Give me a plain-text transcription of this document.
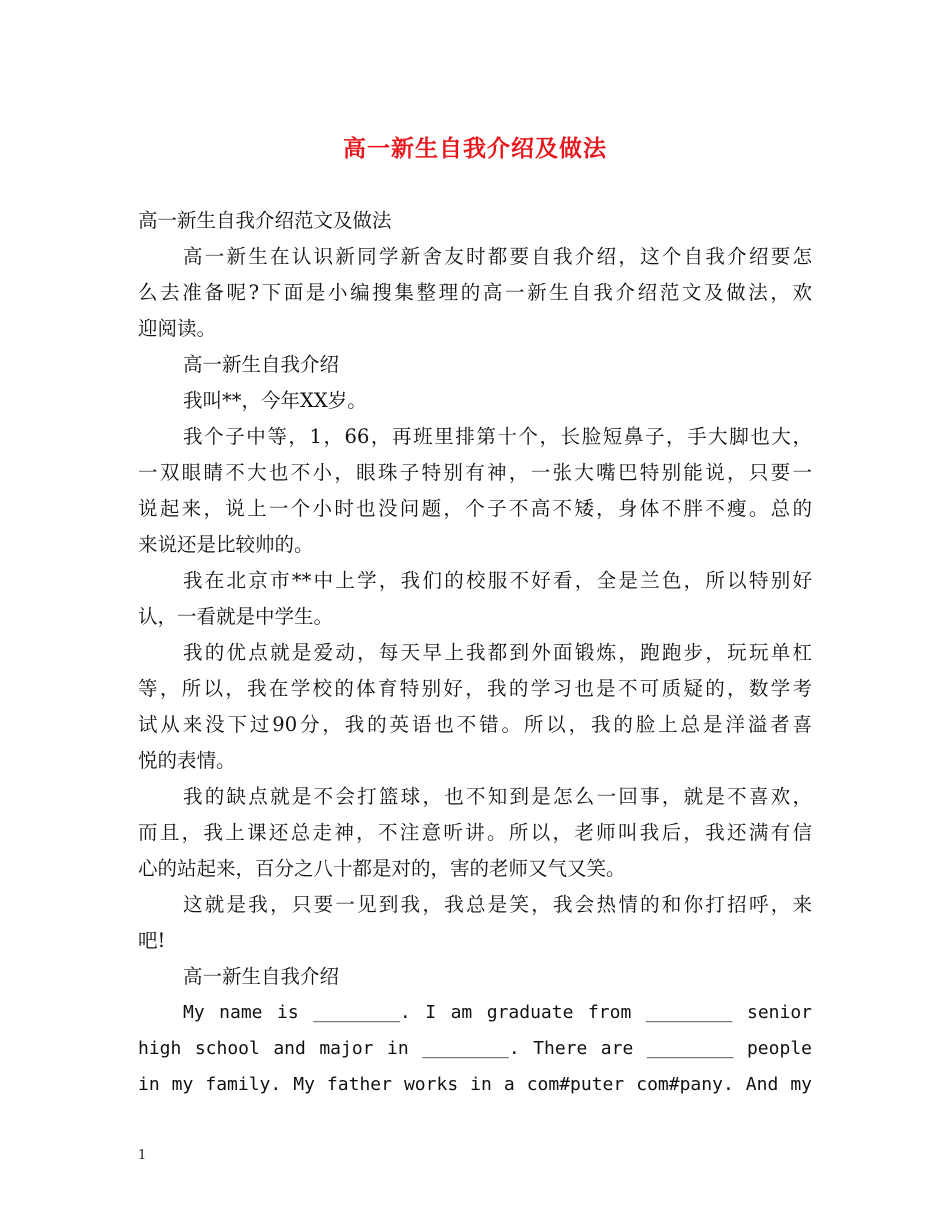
高一新生自我介绍及做法
高一新生自我介绍范文及做法
高一新生在认识新同学新舍友时都要自我介绍，这个自我介绍要怎
么去准备呢?下面是小编搜集整理的高一新生自我介绍范文及做法，欢
迎阅读。
高一新生自我介绍
我叫**，今年XX岁。
我个子中等，1，66，再班里排第十个，长脸短鼻子，手大脚也大，
一双眼睛不大也不小，眼珠子特别有神，一张大嘴巴特别能说，只要一
说起来，说上一个小时也没问题，个子不高不矮，身体不胖不瘦。总的
来说还是比较帅的。
我在北京市**中上学，我们的校服不好看，全是兰色，所以特别好
认，一看就是中学生。
我的优点就是爱动，每天早上我都到外面锻炼，跑跑步，玩玩单杠
等，所以，我在学校的体育特别好，我的学习也是不可质疑的，数学考
试从来没下过90分，我的英语也不错。所以，我的脸上总是洋溢者喜
悦的表情。
我的缺点就是不会打篮球，也不知到是怎么一回事，就是不喜欢，
而且，我上课还总走神，不注意听讲。所以，老师叫我后，我还满有信
心的站起来，百分之八十都是对的，害的老师又气又笑。
这就是我，只要一见到我，我总是笑，我会热情的和你打招呼，来
吧!
高一新生自我介绍
My name is ________. I am graduate from ________ senior
high school and major in ________. There are ________ people
in my family. My father works in a com#puter com#pany. And my
1
